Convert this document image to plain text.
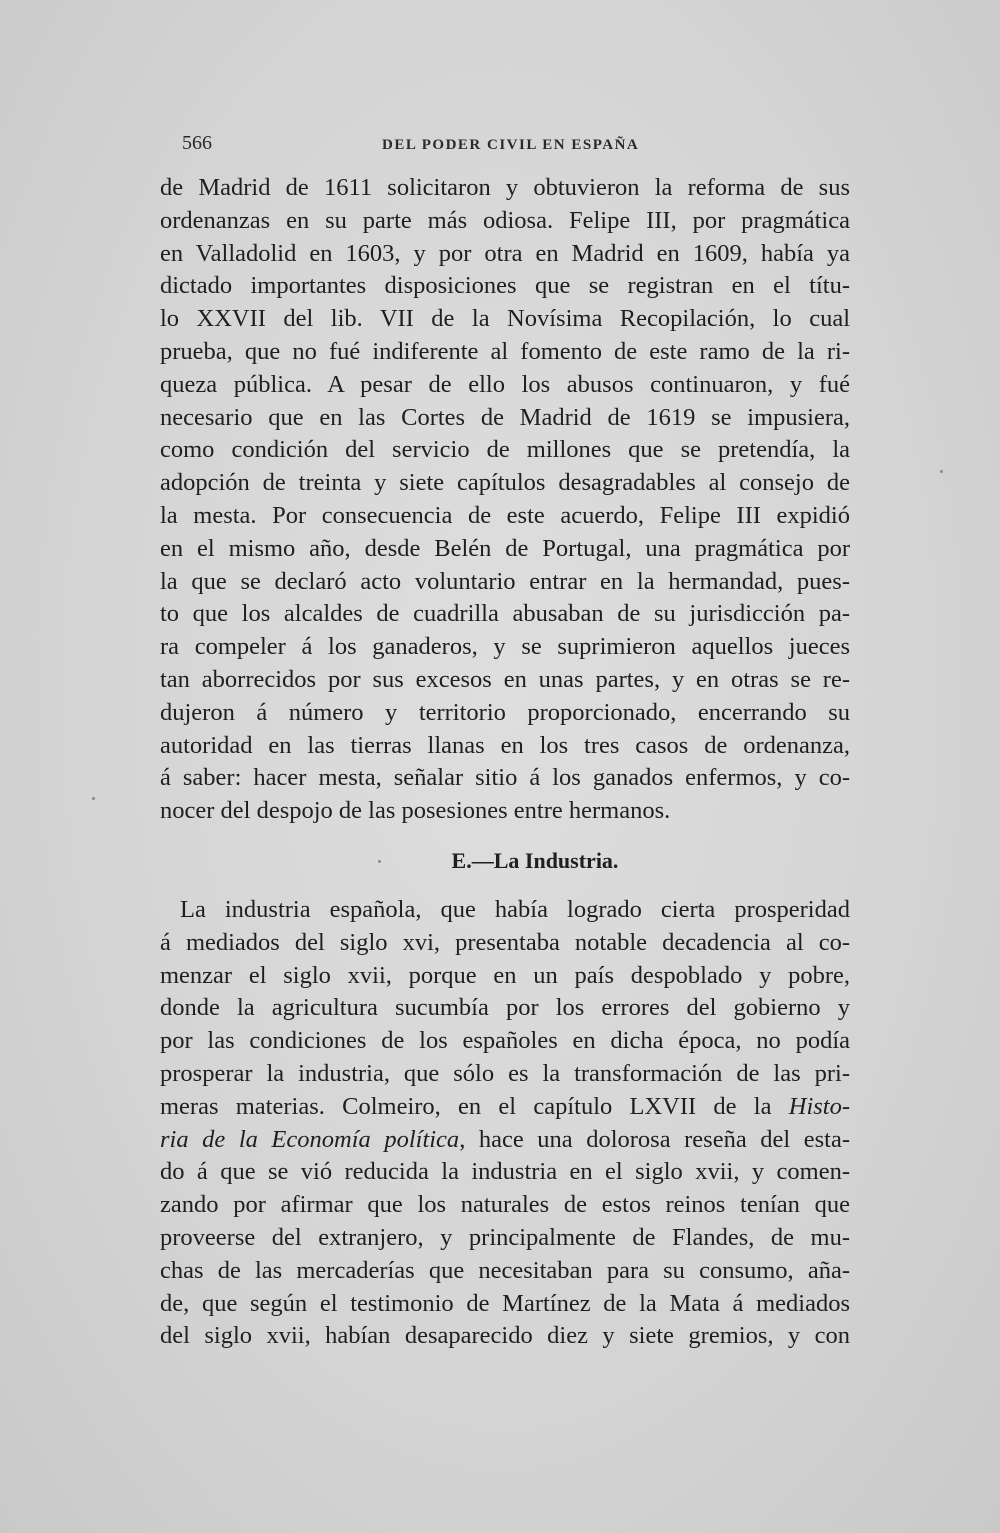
566	DEL PODER CIVIL EN ESPAÑA
de Madrid de 1611 solicitaron y obtuvieron la reforma de sus
ordenanzas en su parte más odiosa. Felipe III, por pragmática
en Valladolid en 1603, y por otra en Madrid en 1609, había ya
dictado importantes disposiciones que se registran en el títu-
lo XXVII del lib. VII de la Novísima Recopilación, lo cual
prueba, que no fué indiferente al fomento de este ramo de la ri-
queza pública. A pesar de ello los abusos continuaron, y fué
necesario que en las Cortes de Madrid de 1619 se impusiera,
como condición del servicio de millones que se pretendía, la
adopción de treinta y siete capítulos desagradables al consejo de
la mesta. Por consecuencia de este acuerdo, Felipe III expidió
en el mismo año, desde Belén de Portugal, una pragmática por
la que se declaró acto voluntario entrar en la hermandad, pues-
to que los alcaldes de cuadrilla abusaban de su jurisdicción pa-
ra compeler á los ganaderos, y se suprimieron aquellos jueces
tan aborrecidos por sus excesos en unas partes, y en otras se re-
dujeron á número y territorio proporcionado, encerrando su
autoridad en las tierras llanas en los tres casos de ordenanza,
á saber: hacer mesta, señalar sitio á los ganados enfermos, y co-
nocer del despojo de las posesiones entre hermanos.
E.—La Industria.
La industria española, que había logrado cierta prosperidad
á mediados del siglo xvi, presentaba notable decadencia al co-
menzar el siglo xvii, porque en un país despoblado y pobre,
donde la agricultura sucumbía por los errores del gobierno y
por las condiciones de los españoles en dicha época, no podía
prosperar la industria, que sólo es la transformación de las pri-
meras materias. Colmeiro, en el capítulo LXVII de la Histo-
ria de la Economía política, hace una dolorosa reseña del esta-
do á que se vió reducida la industria en el siglo xvii, y comen-
zando por afirmar que los naturales de estos reinos tenían que
proveerse del extranjero, y principalmente de Flandes, de mu-
chas de las mercaderías que necesitaban para su consumo, aña-
de, que según el testimonio de Martínez de la Mata á mediados
del siglo xvii, habían desaparecido diez y siete gremios, y con
